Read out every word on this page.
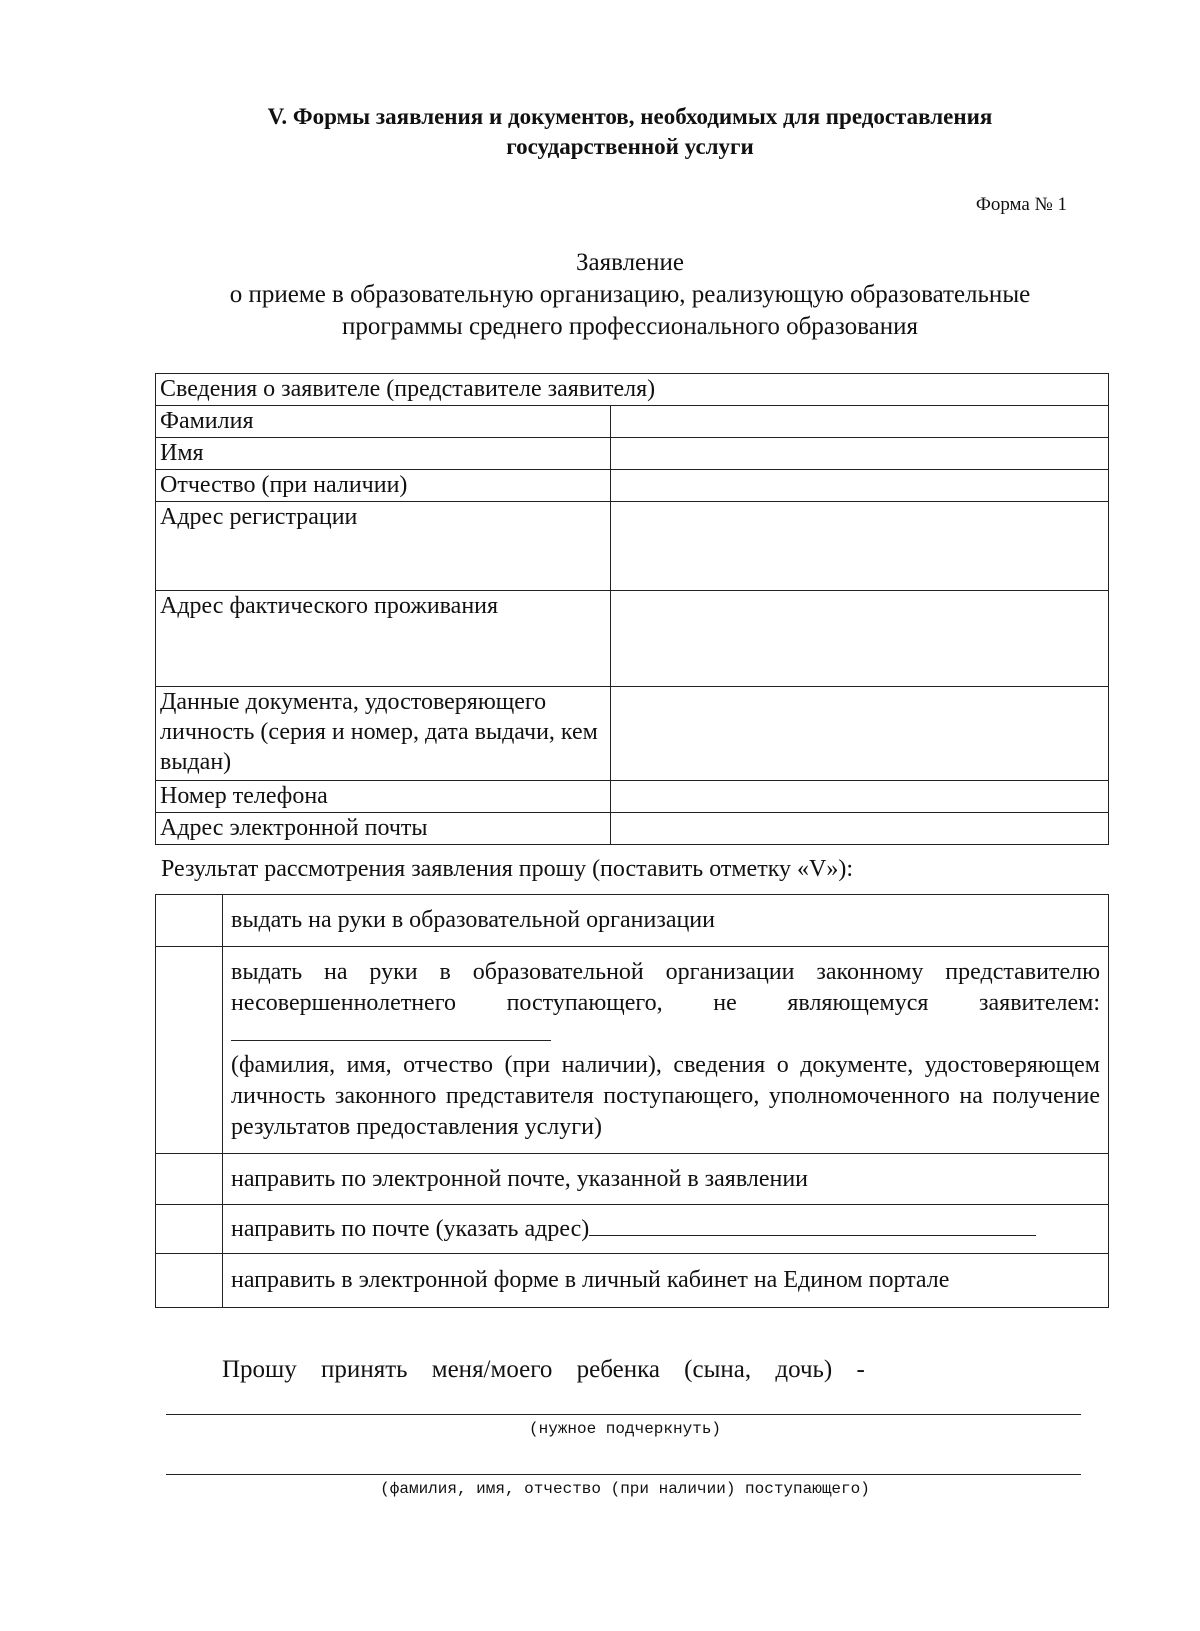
V. Формы заявления и документов, необходимых для предоставления
государственной услуги
Форма № 1
Заявление
о приеме в образовательную организацию, реализующую образовательные
программы среднего профессионального образования
Сведения о заявителе (представителе заявителя)	
Фамилия	
Имя	
Отчество (при наличии)	
Адрес регистрации	
Адрес фактического проживания	
Данные документа, удостоверяющего личность (серия и номер, дата выдачи, кем выдан)	
Номер телефона	
Адрес электронной почты	
Результат рассмотрения заявления прошу (поставить отметку «V»):
	выдать на руки в образовательной организации
	выдать на руки в образовательной организации законному представителю несовершеннолетнего поступающего, не являющемуся заявителем:
(фамилия, имя, отчество (при наличии), сведения о документе, удостоверяющем личность законного представителя поступающего, уполномоченного на получение результатов предоставления услуги)
	направить по электронной почте, указанной в заявлении
	направить по почте (указать адрес)
	направить в электронной форме в личный кабинет на Едином портале
Прошу принять меня/моего ребенка (сына, дочь) -
(нужное подчеркнуть)
(фамилия, имя, отчество (при наличии) поступающего)
